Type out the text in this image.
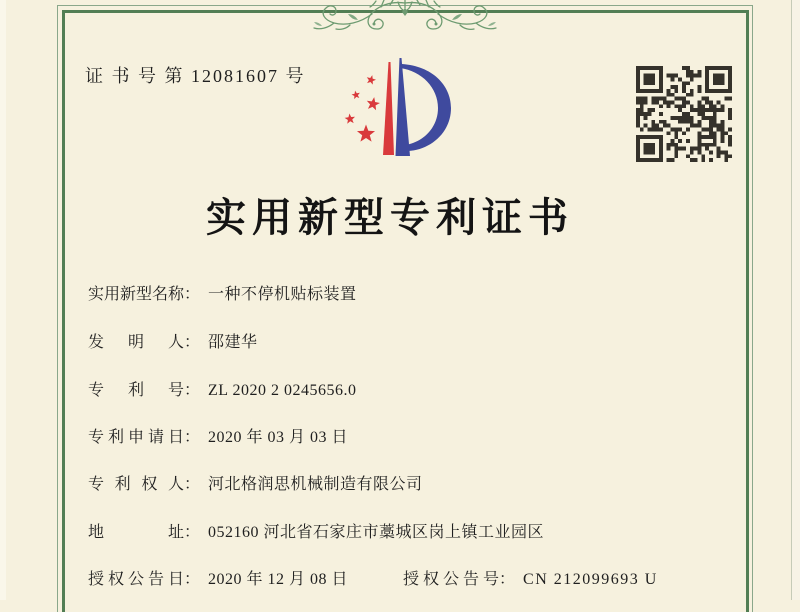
证 书 号 第 12081607 号
实用新型专利证书
实用新型名称 ： 一种不停机贴标装置
发明人 ： 邵建华
专利号 ： ZL 2020 2 0245656.0
专利申请日 ： 2020 年 03 月 03 日
专利权人 ： 河北格润思机械制造有限公司
地址 ： 052160 河北省石家庄市藁城区岗上镇工业园区
授权公告日 ： 2020 年 12 月 08 日	授权公告号 ： CN 212099693 U
